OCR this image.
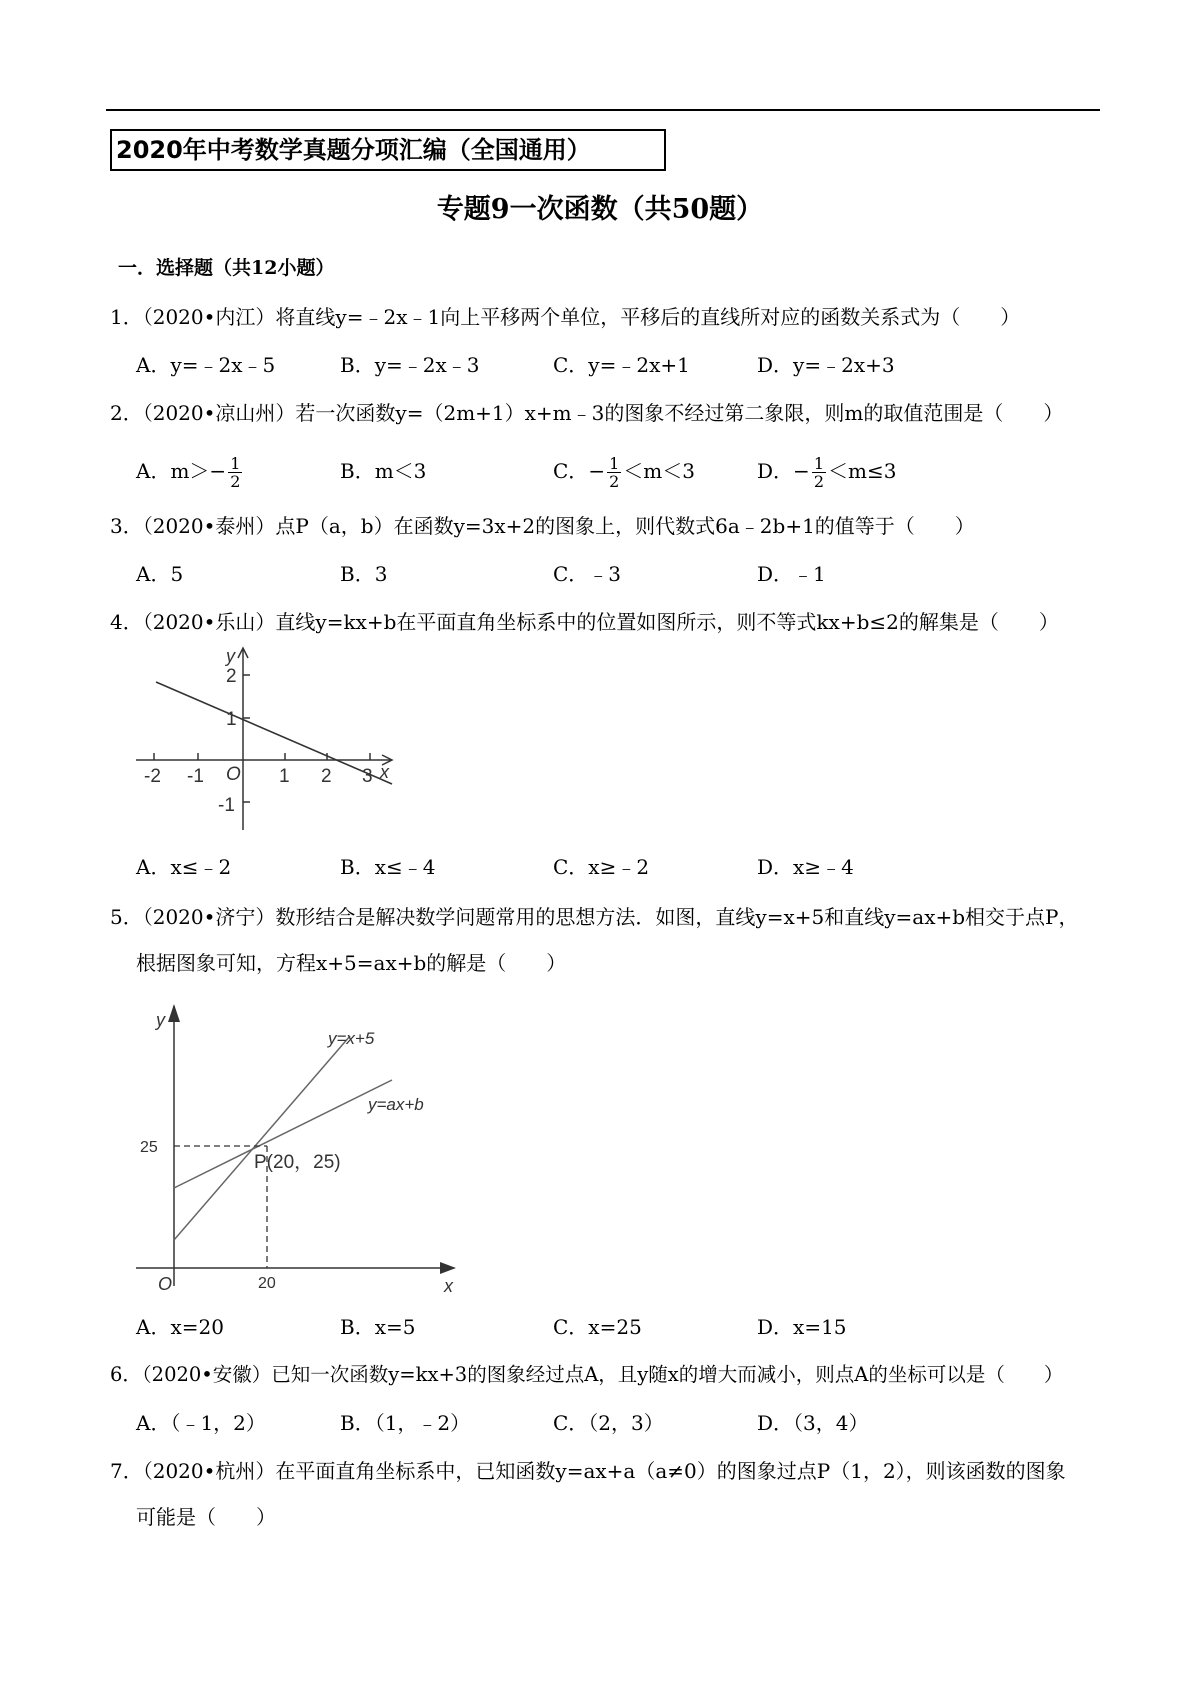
2020年中考数学真题分项汇编（全国通用）
专题9一次函数（共50题）
一．选择题（共12小题）
1．（2020•内江）将直线y=﹣2x﹣1向上平移两个单位，平移后的直线所对应的函数关系式为（　　）
A．y=﹣2x﹣5	B．y=﹣2x﹣3	C．y=﹣2x+1	D．y=﹣2x+3
2．（2020•凉山州）若一次函数y=（2m+1）x+m﹣3的图象不经过第二象限，则m的取值范围是（　　）
A．$m>- \frac{1}{2}$	B．m＜3	C．− $\frac{1}{2} <m<3$	D．− $\frac{1}{2} <m\le 3$
3．（2020•泰州）点P（a，b）在函数y=3x+2的图象上，则代数式6a﹣2b+1的值等于（　　）
A．5	B．3	C．﹣3	D．﹣1
4．（2020•乐山）直线y=kx+b在平面直角坐标系中的位置如图所示，则不等式kx+b≤2的解集是（　　）
-2 -1 O 1 2 3 x
y
2
1
-1
A．x≤﹣2	B．x≤﹣4	C．x≥﹣2	D．x≥﹣4
5．（2020•济宁）数形结合是解决数学问题常用的思想方法．如图，直线y=x+5和直线y=ax+b相交于点P，
根据图象可知，方程x+5=ax+b的解是（　　）
y
x
O
25
20
y=x+5
y=ax+b
P(20，25)
A．x=20	B．x=5	C．x=25	D．x=15
6．（2020•安徽）已知一次函数y=kx+3的图象经过点A，且y随x的增大而减小，则点A的坐标可以是（　　）
A．（﹣1，2）	B．（1，﹣2）	C．（2，3）	D．（3，4）
7．（2020•杭州）在平面直角坐标系中，已知函数y=ax+a（a≠0）的图象过点P（1，2），则该函数的图象
可能是（　　）
